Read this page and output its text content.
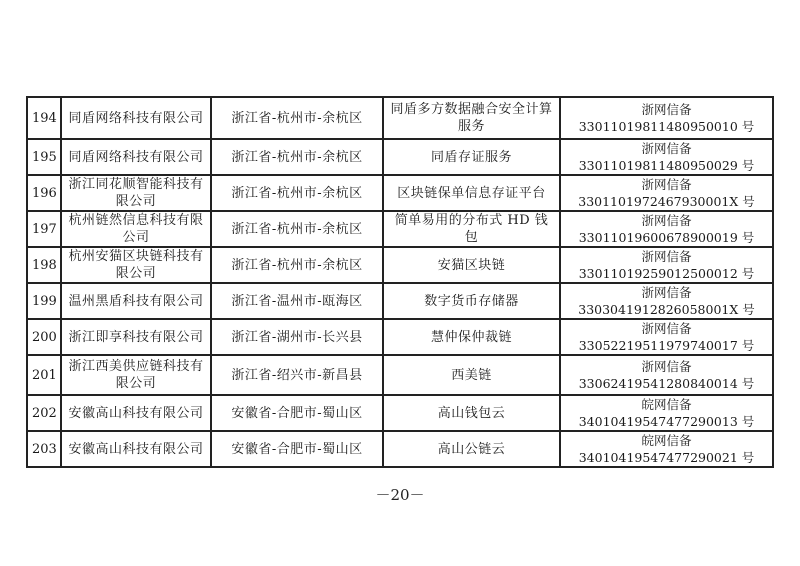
194	同盾网络科技有限公司	浙江省-杭州市-余杭区	同盾多方数据融合安全计算服务	浙网信备 33011019811480950010 号
195	同盾网络科技有限公司	浙江省-杭州市-余杭区	同盾存证服务	浙网信备 33011019811480950029 号
196	浙江同花顺智能科技有限公司	浙江省-杭州市-余杭区	区块链保单信息存证平台	浙网信备 3301101972467930001X 号
197	杭州链然信息科技有限公司	浙江省-杭州市-余杭区	简单易用的分布式 HD 钱包	浙网信备 33011019600678900019 号
198	杭州安猫区块链科技有限公司	浙江省-杭州市-余杭区	安猫区块链	浙网信备 33011019259012500012 号
199	温州黑盾科技有限公司	浙江省-温州市-瓯海区	数字货币存储器	浙网信备 3303041912826058001X 号
200	浙江即享科技有限公司	浙江省-湖州市-长兴县	慧仲保仲裁链	浙网信备 33052219511979740017 号
201	浙江西美供应链科技有限公司	浙江省-绍兴市-新昌县	西美链	浙网信备 33062419541280840014 号
202	安徽高山科技有限公司	安徽省-合肥市-蜀山区	高山钱包云	皖网信备 34010419547477290013 号
203	安徽高山科技有限公司	安徽省-合肥市-蜀山区	高山公链云	皖网信备 34010419547477290021 号
－20－
